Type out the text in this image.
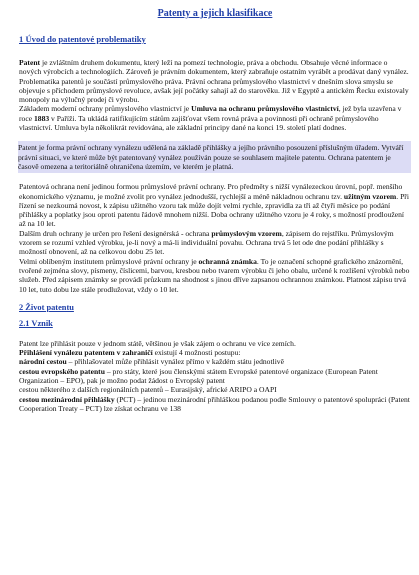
Patenty a jejich klasifikace
1 Úvod do patentové problematiky

Patent je zvláštním druhem dokumentu, který leží na pomezí technologie, práva a obchodu. Obsahuje věcné informace o nových výrobcích a technologiích. Zároveň je právním dokumentem, který zabraňuje ostatním vyrábět a prodávat daný vynález. Problematika patentů je součástí průmyslového práva. Právní ochrana průmyslového vlastnictví v dnešním slova smyslu se objevuje s příchodem průmyslové revoluce, avšak její počátky sahají až do starověku. Již v Egyptě a antickém Řecku existovaly monopoly na výlučný prodej či výrobu.
Základem moderní ochrany průmyslového vlastnictví je Umluva na ochranu průmyslového vlastnictví, jež byla uzavřena v roce 1883 v Paříži. Ta ukládá ratifikujícím státům zajišťovat všem rovná práva a povinnosti při ochraně průmyslového vlastnictví. Umluva byla několikrát revidována, ale základní principy dané na konci 19. století platí dodnes.

Patent je forma právní ochrany vynálezu udělená na základě přihlášky a jejího právního posouzení příslušným úřadem. Vytváří právní situaci, ve které může být patentovaný vynález používán pouze se souhlasem majitele patentu. Ochrana patentem je časově omezena a teritoriálně ohraničena územím, ve kterém je platná.

Patentová ochrana není jedinou formou průmyslové právní ochrany. Pro předměty s nižší vynálezeckou úrovní, popř. menšího ekonomického významu, je možné zvolit pro vynález jednodušší, rychlejší a méně nákladnou ochranu tzv. užitným vzorem. Při řízení se nezkoumá novost, k zápisu užitného vzoru tak může dojít velmi rychle, zpravidla za tři až čtyři měsíce po podání přihlášky a poplatky jsou oproti patentu řádově mnohem nižší. Doba ochrany užitného vzoru je 4 roky, s možností prodloužení až na 10 let.
Dalším druh ochrany je určen pro řešení designérská - ochrana průmyslovým vzorem, zápisem do rejstříku. Průmyslovým vzorem se rozumí vzhled výrobku, je-li nový a má-li individuální povahu. Ochrana trvá 5 let ode dne podání přihlášky s možností obnovení, až na celkovou dobu 25 let.
Velmi oblíbeným institutem průmyslové právní ochrany je ochranná známka. To je označení schopné grafického znázornění, tvořené zejména slovy, písmeny, číslicemi, barvou, kresbou nebo tvarem výrobku či jeho obalu, určené k rozlišení výrobků nebo služeb. Před zápisem známky se provádí průzkum na shodnost s jinou dříve zapsanou ochrannou známkou. Platnost zápisu trvá 10 let, tuto dobu lze stále prodlužovat, vždy o 10 let.

2 Život patentu
2.1 Vznik

Patent lze přihlásit pouze v jednom státě, většinou je však zájem o ochranu ve více zemích.

Přihlášení vynálezu patentem v zahraničí existují 4 možnosti postupu:
národní cestou – přihlašovatel může přihlásit vynález přímo v každém státu jednotlivě
cestou evropského patentu – pro státy, které jsou členskými státem Evropské patentové organizace (European Patent Organization – EPO), pak je možno podat žádost o Evropský patent
cestou některého z dalších regionálních patentů – Eurasijský, africké ARIPO a OAPI
cestou mezinárodní přihlášky (PCT) – jedinou mezinárodní přihláškou podanou podle Smlouvy o patentové spolupráci (Patent Cooperation Treaty – PCT) lze získat ochranu ve 138
